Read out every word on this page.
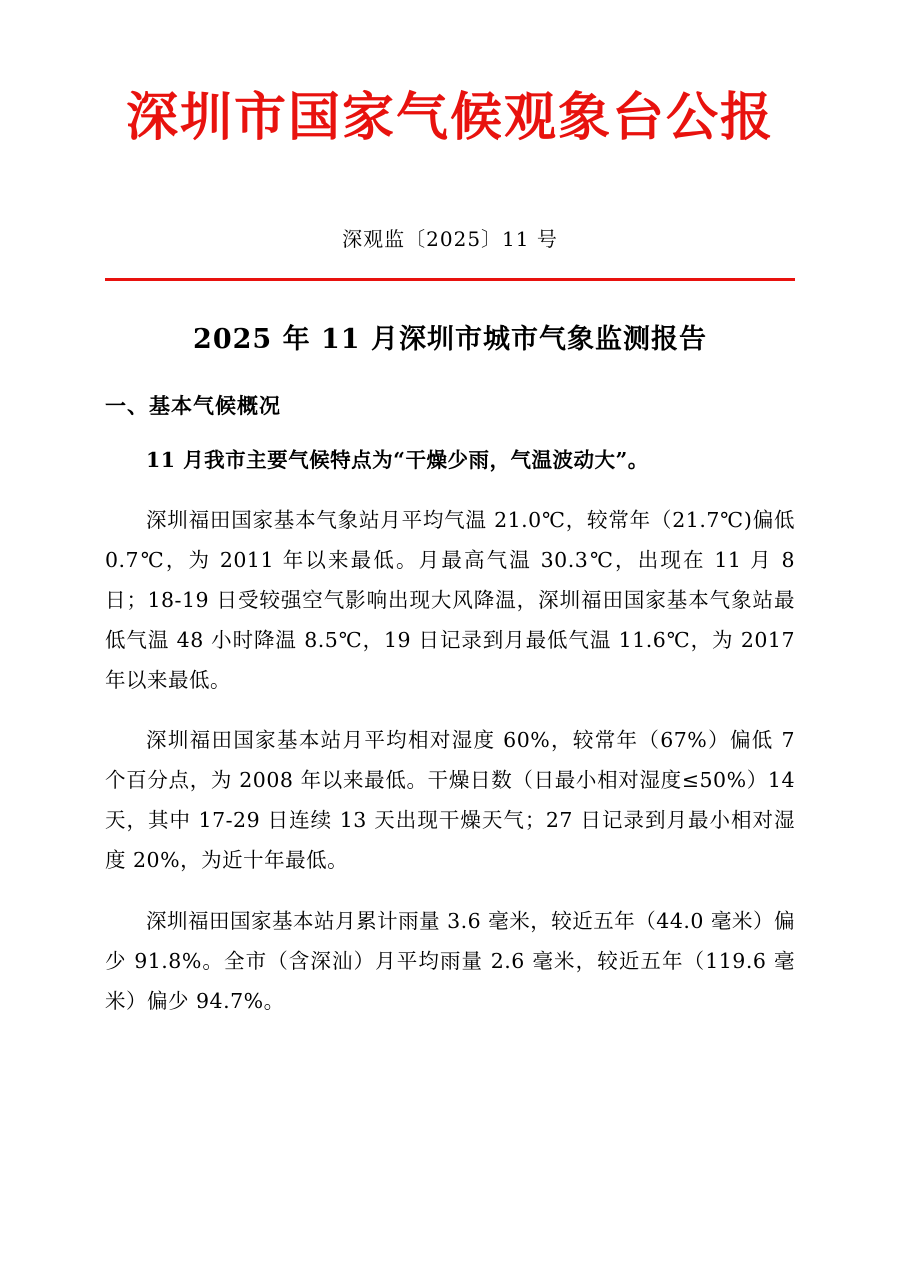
深圳市国家气候观象台公报
深观监〔2025〕11 号
2025 年 11 月深圳市城市气象监测报告
一、基本气候概况

11 月我市主要气候特点为“干燥少雨，气温波动大”。

深圳福田国家基本气象站月平均气温 21.0℃，较常年（21.7℃)偏低 0.7℃，为 2011 年以来最低。月最高气温 30.3℃，出现在 11 月 8 日；18-19 日受较强空气影响出现大风降温，深圳福田国家基本气象站最低气温 48 小时降温 8.5℃，19 日记录到月最低气温 11.6℃，为 2017 年以来最低。

深圳福田国家基本站月平均相对湿度 60%，较常年（67%）偏低 7 个百分点，为 2008 年以来最低。干燥日数（日最小相对湿度≤50%）14 天，其中 17-29 日连续 13 天出现干燥天气；27 日记录到月最小相对湿度 20%，为近十年最低。

深圳福田国家基本站月累计雨量 3.6 毫米，较近五年（44.0 毫米）偏少 91.8%。全市（含深汕）月平均雨量 2.6 毫米，较近五年（119.6 毫米）偏少 94.7%。
